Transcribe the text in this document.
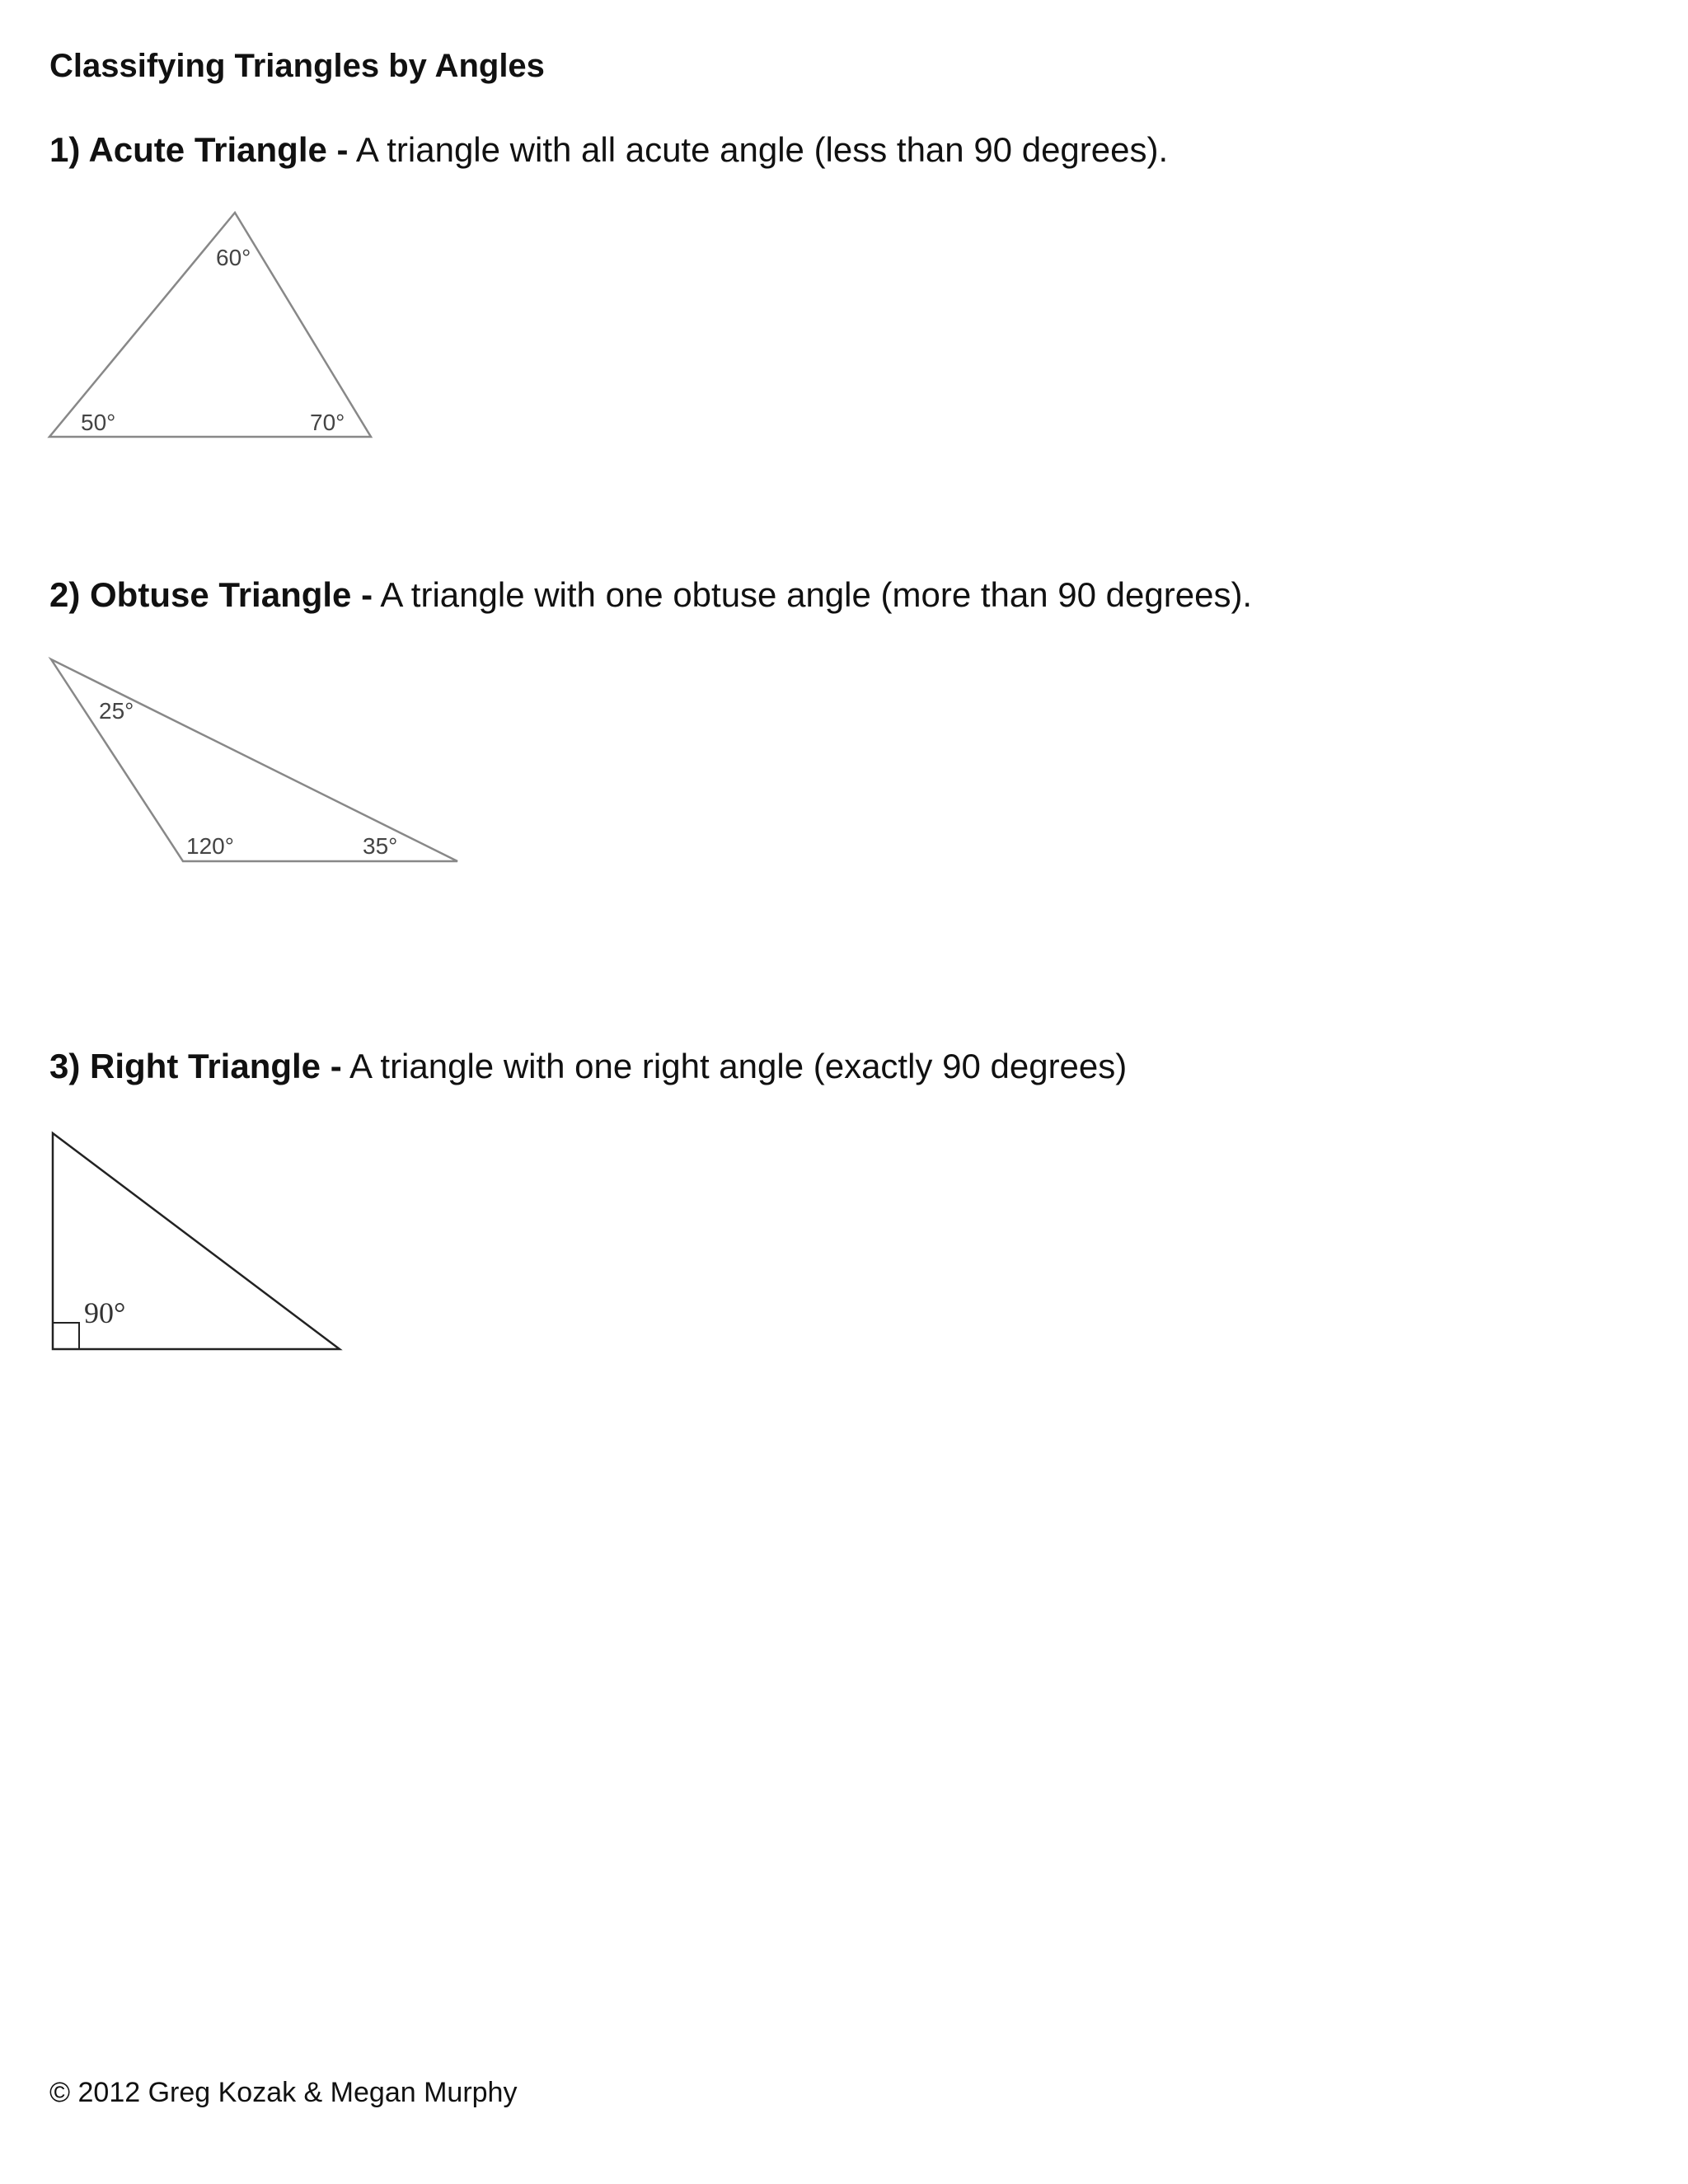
Classifying Triangles by Angles

1) Acute Triangle - A triangle with all acute angle (less than 90 degrees).

60°
50°	70°

2) Obtuse Triangle - A triangle with one obtuse angle (more than 90 degrees).

25°
120°	35°

3) Right Triangle - A triangle with one right angle (exactly 90 degrees)

90°

© 2012 Greg Kozak & Megan Murphy
